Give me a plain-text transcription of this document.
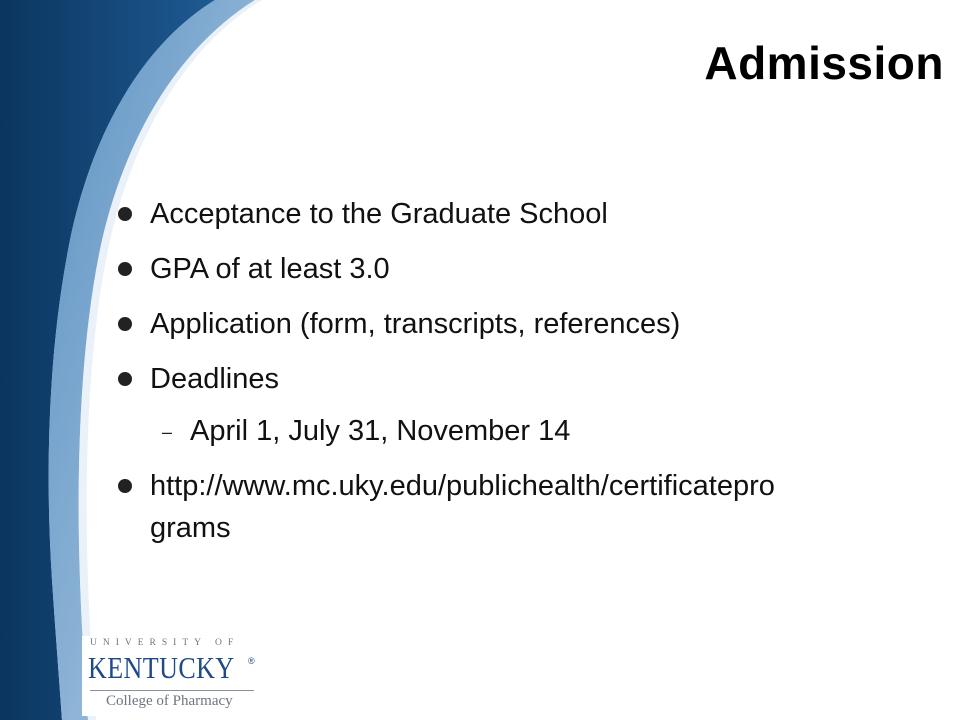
Admission
Acceptance to the Graduate School
GPA of at least 3.0
Application (form, transcripts, references)
Deadlines
– April 1, July 31, November 14
http://www.mc.uky.edu/publichealth/certificatepro
grams
UNIVERSITY OF
KENTUCKY ®
College of Pharmacy
